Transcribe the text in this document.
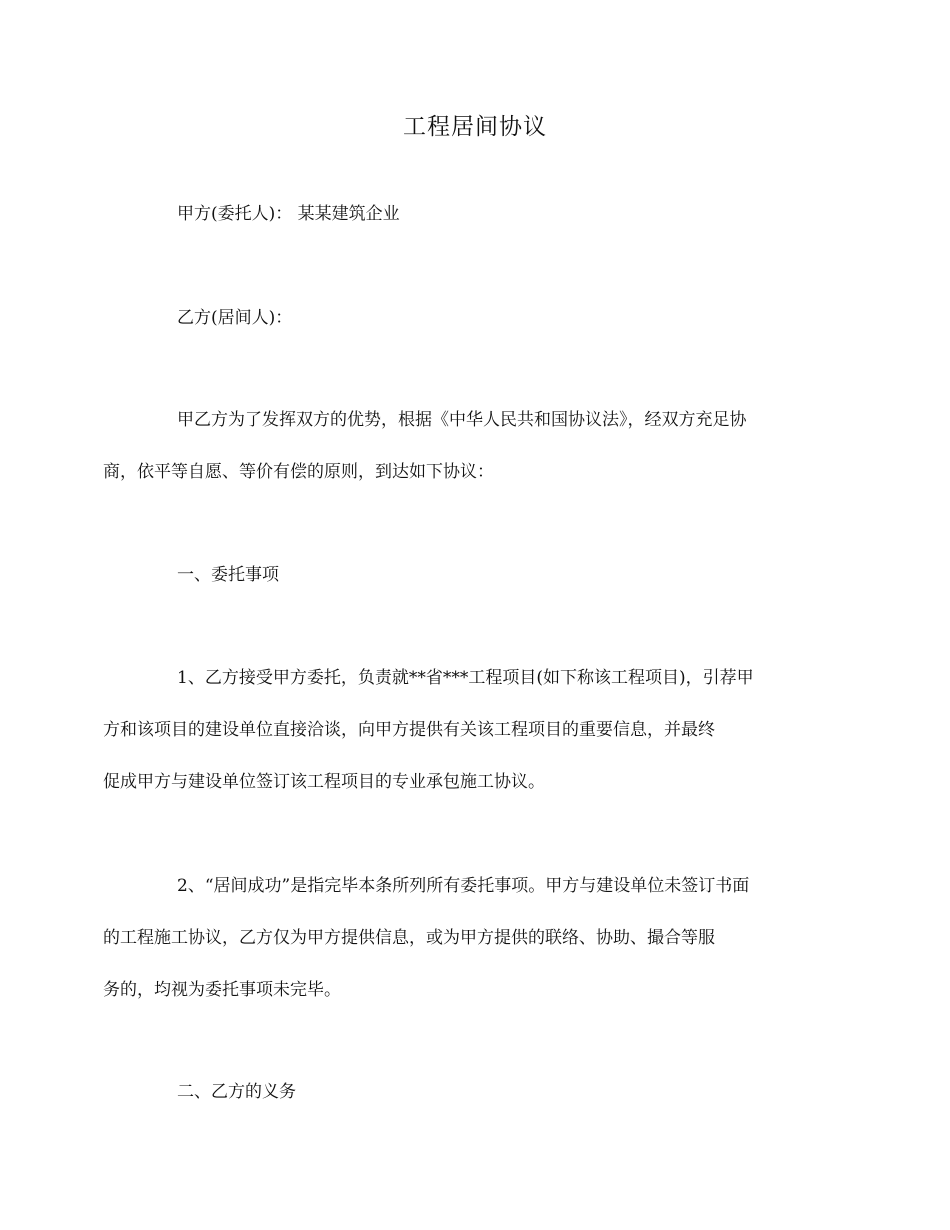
工程居间协议

甲方(委托人)： 某某建筑企业

乙方(居间人)：

甲乙方为了发挥双方的优势，根据《中华人民共和国协议法》，经双方充足协
商，依平等自愿、等价有偿的原则，到达如下协议：

一、委托事项

1、乙方接受甲方委托，负责就**省***工程项目(如下称该工程项目)，引荐甲
方和该项目的建设单位直接洽谈，向甲方提供有关该工程项目的重要信息，并最终
促成甲方与建设单位签订该工程项目的专业承包施工协议。

2、“居间成功”是指完毕本条所列所有委托事项。甲方与建设单位未签订书面
的工程施工协议，乙方仅为甲方提供信息，或为甲方提供的联络、协助、撮合等服
务的，均视为委托事项未完毕。

二、乙方的义务
